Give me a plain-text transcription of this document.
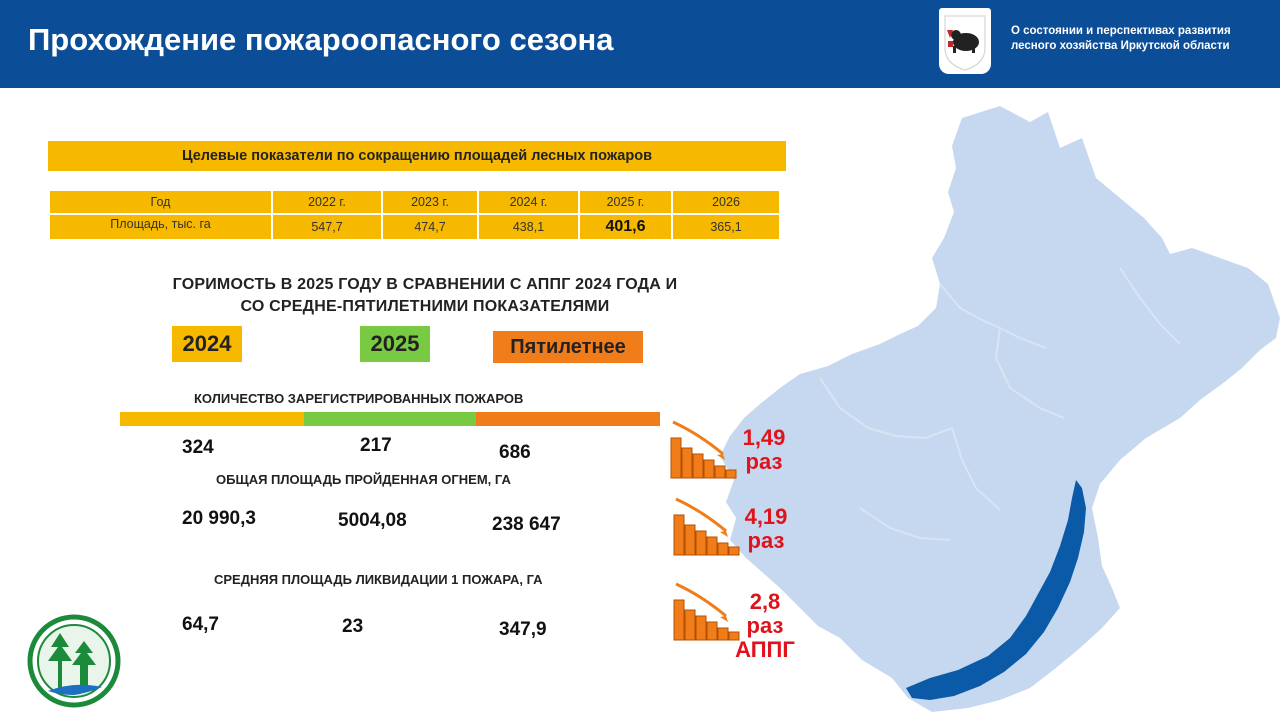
Прохождение пожароопасного сезона	О состоянии и перспективах развития
лесного хозяйства Иркутской области
Целевые показатели по сокращению площадей лесных пожаров
Год	2022 г.	2023 г.	2024 г.	2025 г.	2026
Площадь, тыс. га	547,7	474,7	438,1	401,6	365,1
ГОРИМОСТЬ В 2025 ГОДУ В СРАВНЕНИИ С АППГ 2024 ГОДА И
СО СРЕДНЕ-ПЯТИЛЕТНИМИ ПОКАЗАТЕЛЯМИ
2024	2025	Пятилетнее
КОЛИЧЕСТВО ЗАРЕГИСТРИРОВАННЫХ ПОЖАРОВ
324	217	686
ОБЩАЯ ПЛОЩАДЬ ПРОЙДЕННАЯ ОГНЕМ, ГА
20 990,3	5004,08	238 647
СРЕДНЯЯ ПЛОЩАДЬ ЛИКВИДАЦИИ 1 ПОЖАРА, ГА
64,7	23	347,9
1,49
раз
4,19
раз
2,8
раз
АППГ
